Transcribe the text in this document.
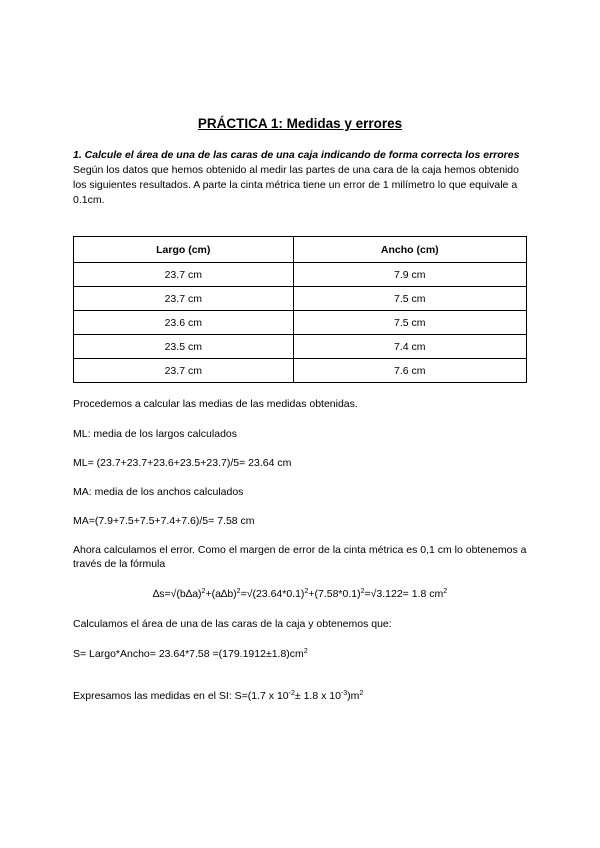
PRÁCTICA 1: Medidas y errores
1. Calcule el área de una de las caras de una caja indicando de forma correcta los errores
Según los datos que hemos obtenido al medir las partes de una cara de la caja hemos obtenido los siguientes resultados. A parte la cinta métrica tiene un error de 1 milímetro lo que equivale a 0.1cm.
Largo (cm)	Ancho (cm)
23.7 cm	7.9 cm
23.7 cm	7.5 cm
23.6 cm	7.5 cm
23.5 cm	7.4 cm
23.7 cm	7.6 cm
Procedemos a calcular las medias de las medidas obtenidas.
ML: media de los largos calculados
ML= (23.7+23.7+23.6+23.5+23.7)/5= 23.64 cm
MA: media de los anchos calculados
MA=(7.9+7.5+7.5+7.4+7.6)/5= 7.58 cm
Ahora calculamos el error. Como el margen de error de la cinta métrica es 0,1 cm lo obtenemos a través de la fórmula
$\Delta s=√(b\Delta a)^2+(a\Delta b)^2=√(23.64*0.1)^2+(7.58*0.1)^2=√3.122= 1.8$ $cm^2$
Calculamos el área de una de las caras de la caja y obtenemos que:
S= Largo*Ancho= $23.64*7.58 =(179.1912\pm 1.8)cm^2$
Expresamos las medidas en el SI: S=(1.7 x $10^{-2}\pm 1.8$ x $10^{-3})m^2$
